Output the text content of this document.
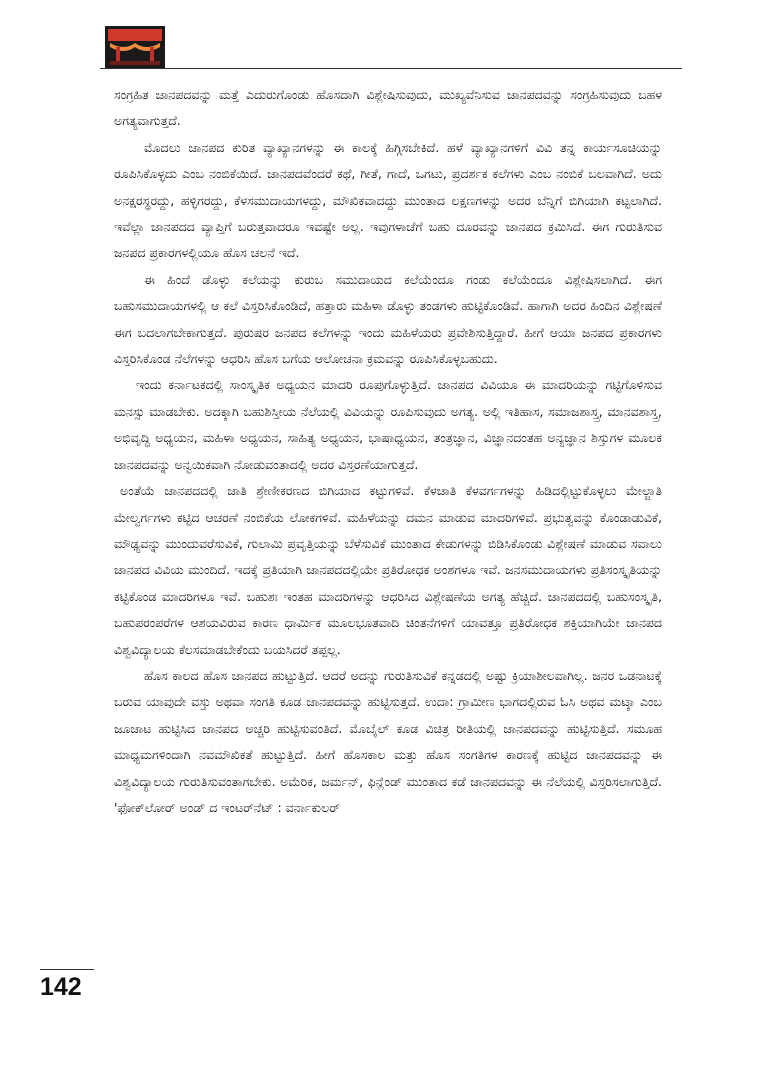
ಸಂಗ್ರಹಿತ ಜಾನಪದವನ್ನು ಮತ್ತೆ ಎದುರುಗೊಂಡು ಹೊಸದಾಗಿ ವಿಶ್ಲೇಷಿಸುವುದು, ಮುಖ್ಯವೆನಿಸುವ ಜಾನಪದವನ್ನು ಸಂಗ್ರಹಿಸುವುದು ಬಹಳ ಅಗತ್ಯವಾಗುತ್ತದೆ.

ಮೊದಲು ಜಾನಪದ ಕುರಿತ ವ್ಯಾಖ್ಯಾನಗಳನ್ನು ಈ ಕಾಲಕ್ಕೆ ಹಿಗ್ಗಿಸಬೇಕಿದೆ. ಹಳೆ ವ್ಯಾಖ್ಯಾನಗಳಿಗೆ ವಿವಿ ತನ್ನ ಕಾರ್ಯಸೂಚಿಯನ್ನು ರೂಪಿಸಿಕೊಳ್ಳದು ಎಂಬ ನಂಬಿಕೆಯಿದೆ. ಜಾನಪದವೆಂದರೆ ಕಥೆ, ಗೀತೆ, ಗಾದೆ, ಒಗಟು, ಪ್ರದರ್ಶಕ ಕಲೆಗಳು ಎಂಬ ನಂಬಿಕೆ ಬಲವಾಗಿದೆ. ಅದು ಅನಕ್ಷರಸ್ಥರದ್ದು, ಹಳ್ಳಿಗರದ್ದು, ಕೆಳಸಮುದಾಯಗಳದ್ದು, ಮೌಖಿಕವಾದದ್ದು ಮುಂತಾದ ಲಕ್ಷಣಗಳನ್ನು ಅದರ ಬೆನ್ನಿಗೆ ಬಿಗಿಯಾಗಿ ಕಟ್ಟಲಾಗಿದೆ. ಇವೆಲ್ಲಾ ಜಾನಪದದ ವ್ಯಾಪ್ತಿಗೆ ಬರುತ್ತವಾದರೂ ಇವಷ್ಟೇ ಅಲ್ಲ. ಇವುಗಳಾಚೆಗೆ ಬಹು ದೂರವನ್ನು ಜಾನಪದ ಕ್ರಮಿಸಿದೆ. ಈಗ ಗುರುತಿಸುವ ಜನಪದ ಪ್ರಕಾರಗಳಲ್ಲಿಯೂ ಹೊಸ ಚಲನೆ ಇದೆ.

ಈ ಹಿಂದೆ ಡೊಳ್ಳು ಕಲೆಯನ್ನು ಕುರುಬ ಸಮುದಾಯದ ಕಲೆಯೆಂದೂ ಗಂಡು ಕಲೆಯೆಂದೂ ವಿಶ್ಲೇಷಿಸಲಾಗಿದೆ. ಈಗ ಬಹುಸಮುದಾಯಗಳಲ್ಲಿ ಆ ಕಲೆ ವಿಸ್ತರಿಸಿಕೊಂಡಿದೆ, ಹತ್ತಾರು ಮಹಿಳಾ ಡೊಳ್ಳು ತಂಡಗಳು ಹುಟ್ಟಿಕೊಂಡಿವೆ. ಹಾಗಾಗಿ ಅದರ ಹಿಂದಿನ ವಿಶ್ಲೇಷಣೆ ಈಗ ಬದಲಾಗಬೇಕಾಗುತ್ತದೆ. ಪುರುಷರ ಜನಪದ ಕಲೆಗಳನ್ನು ಇಂದು ಮಹಿಳೆಯರು ಪ್ರವೇಶಿಸುತ್ತಿದ್ದಾರೆ. ಹೀಗೆ ಆಯಾ ಜನಪದ ಪ್ರಕಾರಗಳು ವಿಸ್ತರಿಸಿಕೊಂಡ ನೆಲೆಗಳನ್ನು ಆಧರಿಸಿ ಹೊಸ ಬಗೆಯ ಆಲೋಚನಾ ಕ್ರಮವನ್ನು ರೂಪಿಸಿಕೊಳ್ಳಬಹುದು.

ಇಂದು ಕರ್ನಾಟಕದಲ್ಲಿ ಸಾಂಸ್ಕೃತಿಕ ಅಧ್ಯಯನ ಮಾದರಿ ರೂಪುಗೊಳ್ಳುತ್ತಿದೆ. ಜಾನಪದ ವಿವಿಯೂ ಈ ಮಾದರಿಯನ್ನು ಗಟ್ಟಿಗೊಳಿಸುವ ಮನಸ್ಸು ಮಾಡಬೇಕು. ಅದಕ್ಕಾಗಿ ಬಹುಶಿಸ್ತೀಯ ನೆಲೆಯಲ್ಲಿ ವಿವಿಯನ್ನು ರೂಪಿಸುವುದು ಅಗತ್ಯ. ಅಲ್ಲಿ ಇತಿಹಾಸ, ಸಮಾಜಶಾಸ್ತ್ರ, ಮಾನವಶಾಸ್ತ್ರ, ಅಭಿವೃದ್ಧಿ ಅಧ್ಯಯನ, ಮಹಿಳಾ ಅಧ್ಯಯನ, ಸಾಹಿತ್ಯ ಅಧ್ಯಯನ, ಭಾಷಾಧ್ಯಯನ, ತಂತ್ರಜ್ಞಾನ, ವಿಜ್ಞಾನದಂತಹ ಅನ್ಯಜ್ಞಾನ ಶಿಸ್ತುಗಳ ಮೂಲಕ ಜಾನಪದವನ್ನು ಅನ್ವಯಿಕವಾಗಿ ನೋಡುವಂತಾದಲ್ಲಿ ಅದರ ವಿಸ್ತರಣೆಯಾಗುತ್ತದೆ.

ಅಂತೆಯೆ ಜಾನಪದದಲ್ಲಿ ಜಾತಿ ಶ್ರೇಣೀಕರಣದ ಬಿಗಿಯಾದ ಕಟ್ಟುಗಳಿವೆ. ಕೆಳಜಾತಿ ಕೆಳವರ್ಗಗಳನ್ನು ಹಿಡಿದಲ್ಲಿಟ್ಟುಕೊಳ್ಳಲು ಮೇಲ್ಜಾತಿ ಮೇಲ್ವರ್ಗಗಳು ಕಟ್ಟಿದ ಆಚರಣೆ ನಂಬಿಕೆಯ ಲೋಕಗಳಿವೆ. ಮಹಿಳೆಯನ್ನು ದಮನ ಮಾಡುವ ಮಾದರಿಗಳಿವೆ. ಪ್ರಭುತ್ವವನ್ನು ಕೊಂಡಾಡುವಿಕೆ, ಮೌಢ್ಯವನ್ನು ಮುಂದುವರೆಸುವಿಕೆ, ಗುಲಾಮಿ ಪ್ರವೃತ್ತಿಯನ್ನು ಬೆಳೆಸುವಿಕೆ ಮುಂತಾದ ಕೇಡುಗಳನ್ನು ಬಿಡಿಸಿಕೊಂಡು ವಿಶ್ಲೇಷಣೆ ಮಾಡುವ ಸವಾಲು ಜಾನಪದ ವಿವಿಯ ಮುಂದಿದೆ. ಇದಕ್ಕೆ ಪ್ರತಿಯಾಗಿ ಜಾನಪದದಲ್ಲಿಯೇ ಪ್ರತಿರೋಧಕ ಅಂಶಗಳೂ ಇವೆ. ಜನಸಮುದಾಯಗಳು ಪ್ರತಿಸಂಸ್ಕೃತಿಯನ್ನು ಕಟ್ಟಿಕೊಂಡ ಮಾದರಿಗಳೂ ಇವೆ. ಬಹುಶಃ ಇಂತಹ ಮಾದರಿಗಳನ್ನು ಆಧರಿಸಿದ ವಿಶ್ಲೇಷಣೆಯ ಅಗತ್ಯ ಹೆಚ್ಚಿದೆ. ಜಾನಪದದಲ್ಲಿ ಬಹುಸಂಸ್ಕೃತಿ, ಬಹುಪರಂಪರೆಗಳ ಆಶಯವಿರುವ ಕಾರಣ ಧಾರ್ಮಿಕ ಮೂಲಭೂತವಾದಿ ಚಿಂತನೆಗಳಿಗೆ ಯಾವತ್ತೂ ಪ್ರತಿರೋಧಕ ಶಕ್ತಿಯಾಗಿಯೇ ಜಾನಪದ ವಿಶ್ವವಿದ್ಯಾಲಯ ಕೆಲಸಮಾಡಬೇಕೆಂದು ಬಯಸಿದರೆ ತಪ್ಪಲ್ಲ.

ಹೊಸ ಕಾಲದ ಹೊಸ ಜಾನಪದ ಹುಟ್ಟುತ್ತಿದೆ. ಆದರೆ ಅದನ್ನು ಗುರುತಿಸುವಿಕೆ ಕನ್ನಡದಲ್ಲಿ ಅಷ್ಟು ಕ್ರಿಯಾಶೀಲವಾಗಿಲ್ಲ. ಜನರ ಒಡನಾಟಕ್ಕೆ ಬರುವ ಯಾವುದೇ ವಸ್ತು ಅಥವಾ ಸಂಗತಿ ಕೂಡ ಜಾನಪದವನ್ನು ಹುಟ್ಟಿಸುತ್ತದೆ. ಉದಾ: ಗ್ರಾಮೀಣ ಭಾಗದಲ್ಲಿರುವ ಓಸಿ ಅಥವ ಮಟ್ಕಾ ಎಂಬ ಜೂಜಾಟ ಹುಟ್ಟಿಸಿದ ಜಾನಪದ ಅಚ್ಚರಿ ಹುಟ್ಟಿಸುವಂತಿದೆ. ಮೊಬೈಲ್ ಕೂಡ ವಿಚಿತ್ರ ರೀತಿಯಲ್ಲಿ ಜಾನಪದವನ್ನು ಹುಟ್ಟಿಸುತ್ತಿದೆ. ಸಮೂಹ ಮಾಧ್ಯಮಗಳಿಂದಾಗಿ ನವಮೌಖಿಕತೆ ಹುಟ್ಟುತ್ತಿದೆ. ಹೀಗೆ ಹೊಸಕಾಲ ಮತ್ತು ಹೊಸ ಸಂಗತಿಗಳ ಕಾರಣಕ್ಕೆ ಹುಟ್ಟಿದ ಜಾನಪದವನ್ನು ಈ ವಿಶ್ವವಿದ್ಯಾಲಯ ಗುರುತಿಸುವಂತಾಗಬೇಕು. ಅಮೆರಿಕ, ಜರ್ಮನ್, ಫಿನ್ಲೆಂಡ್ ಮುಂತಾದ ಕಡೆ ಜಾನಪದವನ್ನು ಈ ನೆಲೆಯಲ್ಲಿ ವಿಸ್ತರಿಸಲಾಗುತ್ತಿದೆ. 'ಫೋಕ್‌ಲೋರ್ ಅಂಡ್ ದ ಇಂಟರ್‌ನೆಟ್ : ವರ್ನಾಕುಲರ್

142
